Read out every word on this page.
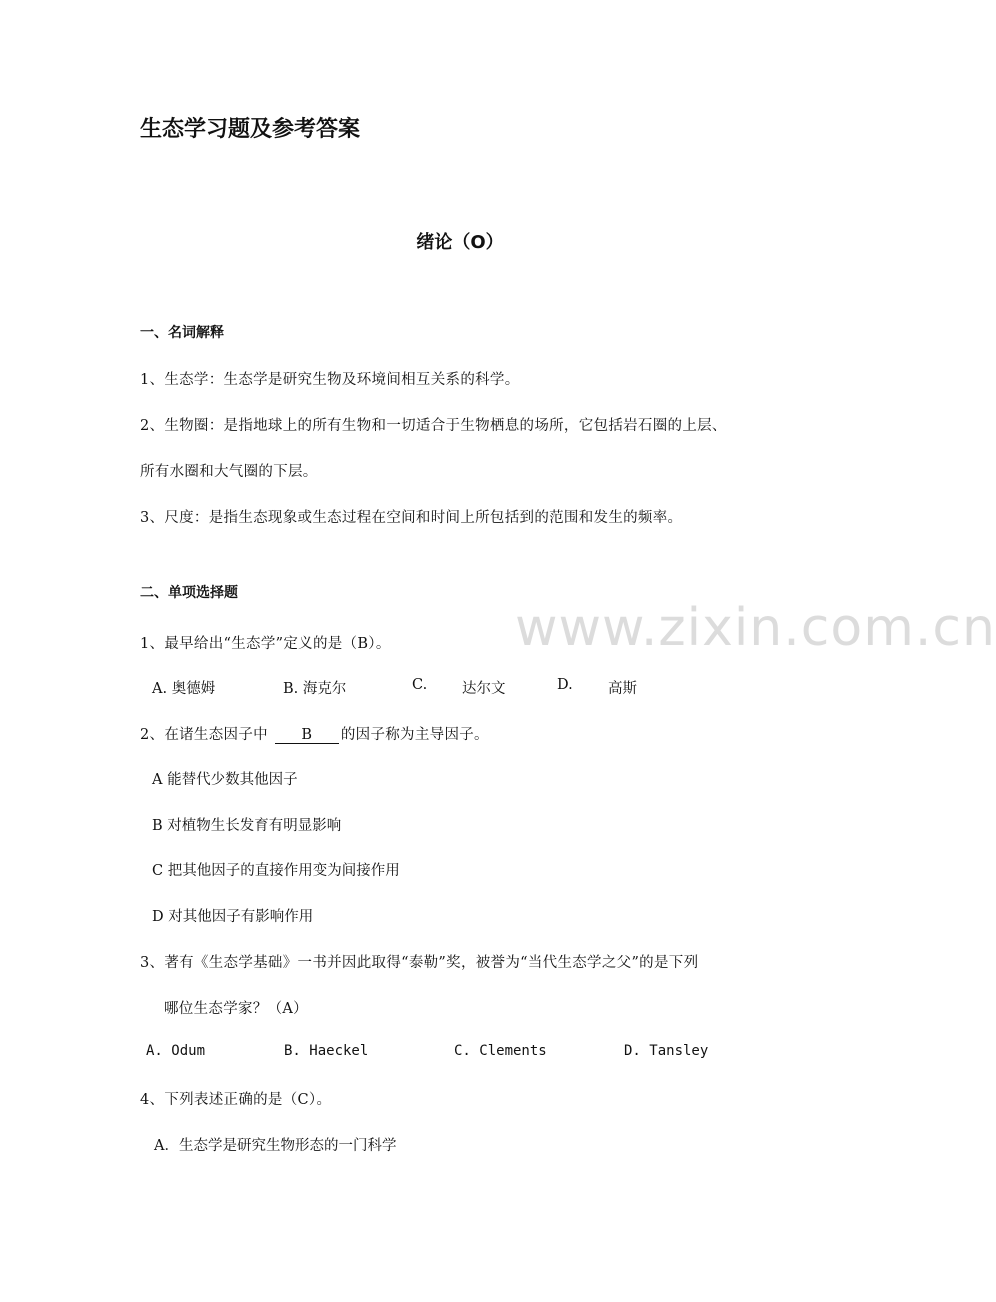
www.zixin.com.cn
生态学习题及参考答案
绪论（O）
一、名词解释
1、生态学：生态学是研究生物及环境间相互关系的科学。
2、生物圈：是指地球上的所有生物和一切适合于生物栖息的场所，它包括岩石圈的上层、
所有水圈和大气圈的下层。
3、尺度：是指生态现象或生态过程在空间和时间上所包括到的范围和发生的频率。
二、单项选择题
1、最早给出“生态学”定义的是（B）。
A. 奥德姆	B. 海克尔	C. 达尔文	D. 高斯
2、在诸生态因子中 B 的因子称为主导因子。
A 能替代少数其他因子
B 对植物生长发育有明显影响
C 把其他因子的直接作用变为间接作用
D 对其他因子有影响作用
3、著有《生态学基础》一书并因此取得“泰勒”奖，被誉为“当代生态学之父”的是下列
哪位生态学家？（A）
A. Odum	B. Haeckel	C. Clements	D. Tansley
4、下列表述正确的是（C）。
A．生态学是研究生物形态的一门科学
